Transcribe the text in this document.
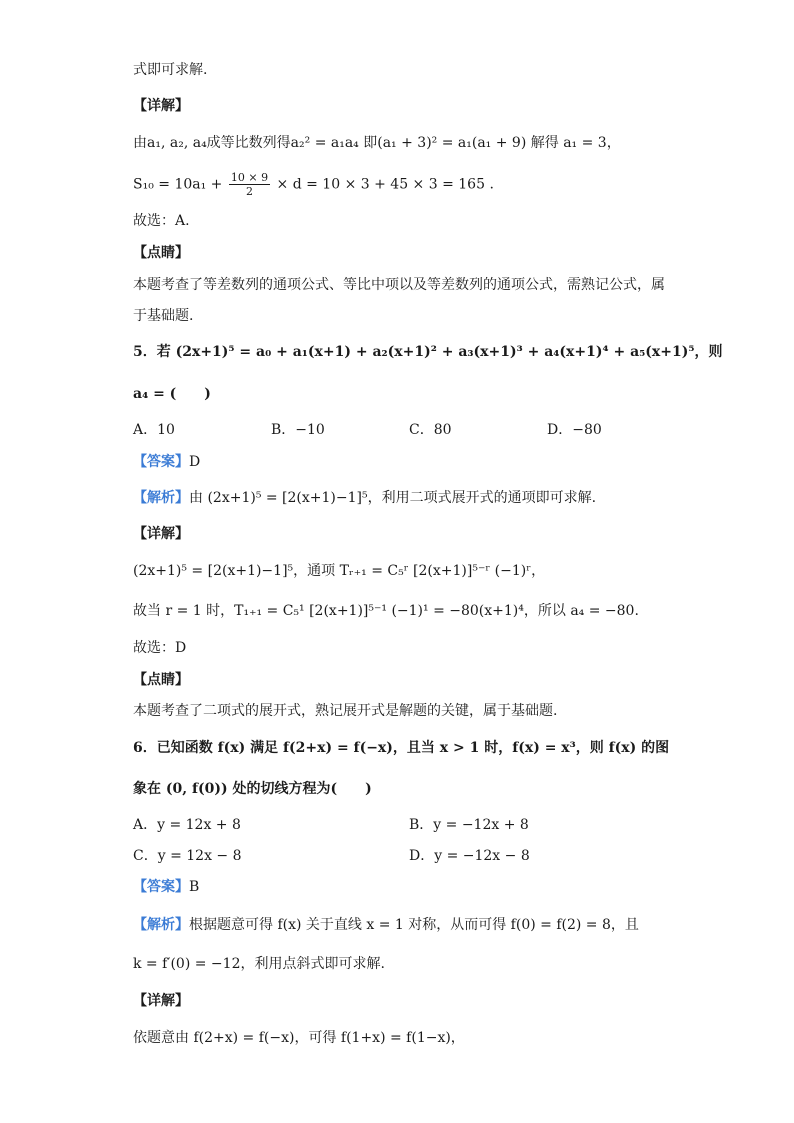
式即可求解.
【详解】
由a₁, a₂, a₄成等比数列得a₂² = a₁a₄ 即(a₁ + 3)² = a₁(a₁ + 9) 解得 a₁ = 3，
$S_{10} = 10a_1 + \frac{10 \times 9}{2} \times d = 10 \times 3 + 45 \times 3 = 165$ .
故选：A.
【点睛】
本题考查了等差数列的通项公式、等比中项以及等差数列的通项公式，需熟记公式，属
于基础题.
5．若 (2x+1)⁵ = a₀ + a₁(x+1) + a₂(x+1)² + a₃(x+1)³ + a₄(x+1)⁴ + a₅(x+1)⁵，则
a₄ = (　　)
A．10	B．−10	C．80	D．−80
【答案】D
【解析】由 (2x+1)⁵ = [2(x+1)−1]⁵，利用二项式展开式的通项即可求解.
【详解】
(2x+1)⁵ = [2(x+1)−1]⁵，通项 Tᵣ₊₁ = C₅ʳ [2(x+1)]⁵⁻ʳ (−1)ʳ，
故当 r = 1 时，T₁₊₁ = C₅¹ [2(x+1)]⁵⁻¹ (−1)¹ = −80(x+1)⁴，所以 a₄ = −80.
故选：D
【点睛】
本题考查了二项式的展开式，熟记展开式是解题的关键，属于基础题.
6．已知函数 f(x) 满足 f(2+x) = f(−x)，且当 x > 1 时，f(x) = x³，则 f(x) 的图
象在 (0, f(0)) 处的切线方程为(　　)
A．y = 12x + 8	B．y = −12x + 8
C．y = 12x − 8	D．y = −12x − 8
【答案】B
【解析】根据题意可得 f(x) 关于直线 x = 1 对称，从而可得 f(0) = f(2) = 8，且
k = f′(0) = −12，利用点斜式即可求解.
【详解】
依题意由 f(2+x) = f(−x)，可得 f(1+x) = f(1−x)，
